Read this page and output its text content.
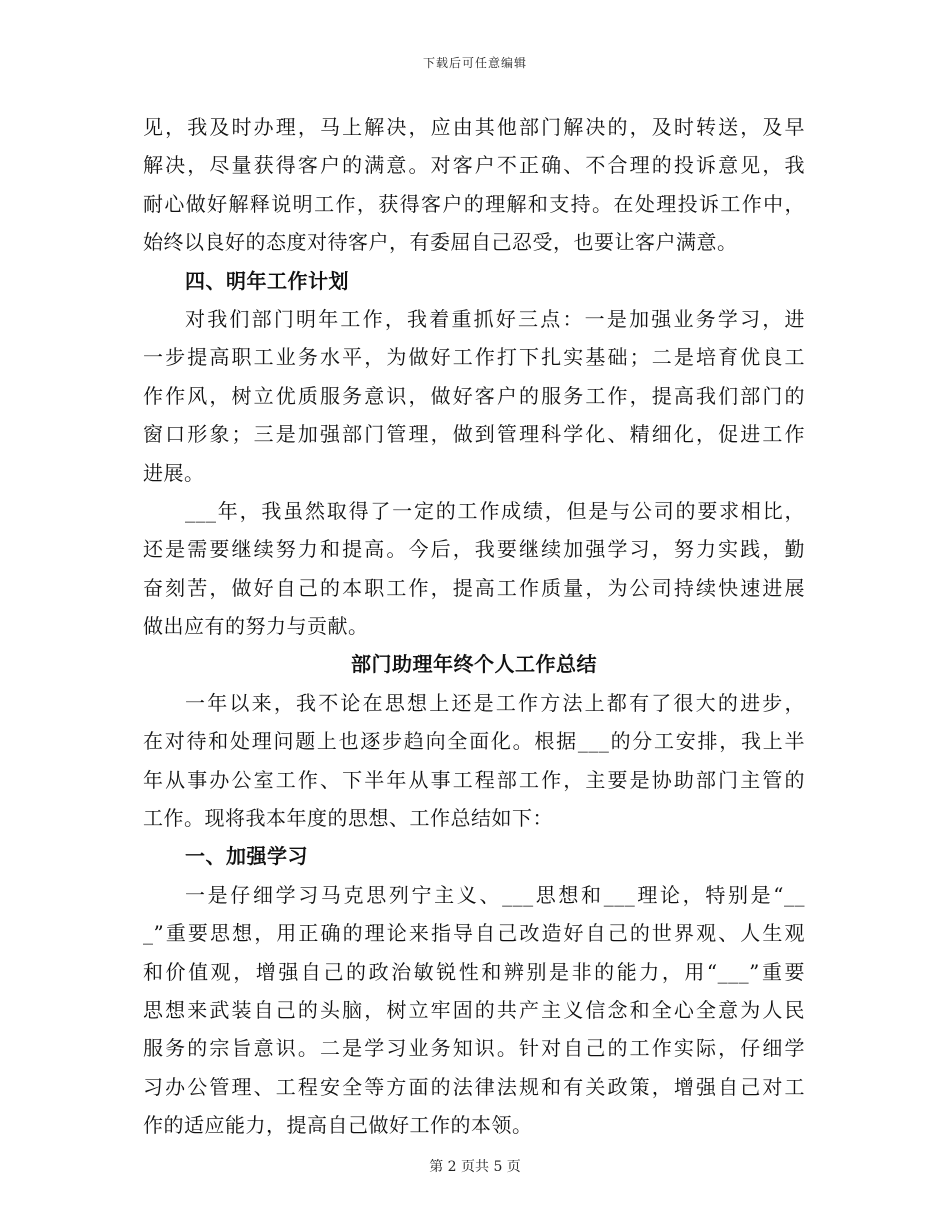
下载后可任意编辑
见，我及时办理，马上解决，应由其他部门解决的，及时转送，及早
解决，尽量获得客户的满意。对客户不正确、不合理的投诉意见，我
耐心做好解释说明工作，获得客户的理解和支持。在处理投诉工作中，
始终以良好的态度对待客户，有委屈自己忍受，也要让客户满意。
四、明年工作计划
对我们部门明年工作，我着重抓好三点：一是加强业务学习，进
一步提高职工业务水平，为做好工作打下扎实基础；二是培育优良工
作作风，树立优质服务意识，做好客户的服务工作，提高我们部门的
窗口形象；三是加强部门管理，做到管理科学化、精细化，促进工作
进展。
___年，我虽然取得了一定的工作成绩，但是与公司的要求相比，
还是需要继续努力和提高。今后，我要继续加强学习，努力实践，勤
奋刻苦，做好自己的本职工作，提高工作质量，为公司持续快速进展
做出应有的努力与贡献。
部门助理年终个人工作总结
一年以来，我不论在思想上还是工作方法上都有了很大的进步，
在对待和处理问题上也逐步趋向全面化。根据___的分工安排，我上半
年从事办公室工作、下半年从事工程部工作，主要是协助部门主管的
工作。现将我本年度的思想、工作总结如下：
一、加强学习
一是仔细学习马克思列宁主义、___思想和___理论，特别是“__
_”重要思想，用正确的理论来指导自己改造好自己的世界观、人生观
和价值观，增强自己的政治敏锐性和辨别是非的能力，用“___”重要
思想来武装自己的头脑，树立牢固的共产主义信念和全心全意为人民
服务的宗旨意识。二是学习业务知识。针对自己的工作实际，仔细学
习办公管理、工程安全等方面的法律法规和有关政策，增强自己对工
作的适应能力，提高自己做好工作的本领。
第 2 页共 5 页
